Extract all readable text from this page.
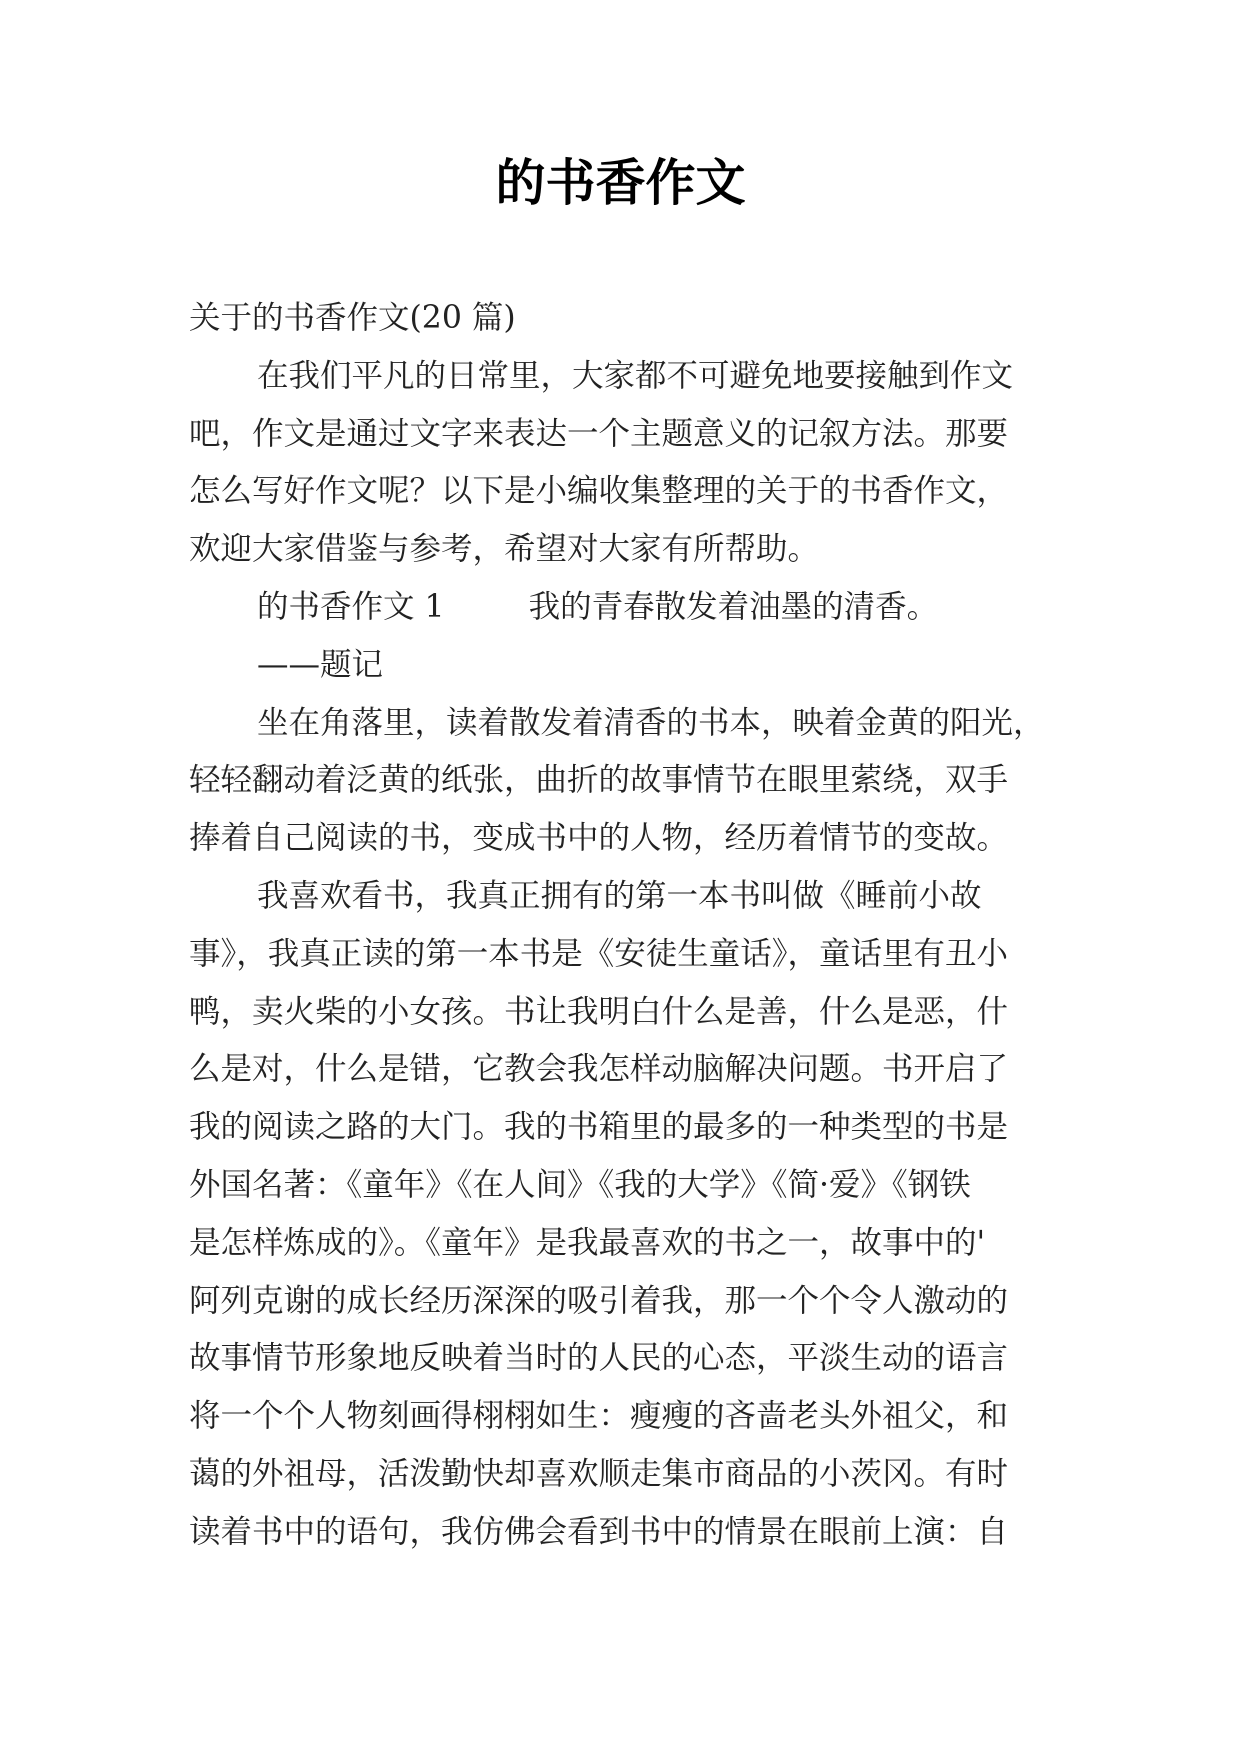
的书香作文
关于的书香作文(20 篇)
在我们平凡的日常里，大家都不可避免地要接触到作文
吧，作文是通过文字来表达一个主题意义的记叙方法。那要
怎么写好作文呢？以下是小编收集整理的关于的书香作文，
欢迎大家借鉴与参考，希望对大家有所帮助。
的书香作文 1	我的青春散发着油墨的清香。
——题记
坐在角落里，读着散发着清香的书本，映着金黄的阳光，
轻轻翻动着泛黄的纸张，曲折的故事情节在眼里萦绕，双手
捧着自己阅读的书，变成书中的人物，经历着情节的变故。
我喜欢看书，我真正拥有的第一本书叫做《睡前小故
事》，我真正读的第一本书是《安徒生童话》，童话里有丑小
鸭，卖火柴的小女孩。书让我明白什么是善，什么是恶，什
么是对，什么是错，它教会我怎样动脑解决问题。书开启了
我的阅读之路的大门。我的书箱里的最多的一种类型的书是
外国名著：《童年》《在人间》《我的大学》《简·爱》《钢铁
是怎样炼成的》。《童年》是我最喜欢的书之一，故事中的'
阿列克谢的成长经历深深的吸引着我，那一个个令人激动的
故事情节形象地反映着当时的人民的心态，平淡生动的语言
将一个个人物刻画得栩栩如生：瘦瘦的吝啬老头外祖父，和
蔼的外祖母，活泼勤快却喜欢顺走集市商品的小茨冈。有时
读着书中的语句，我仿佛会看到书中的情景在眼前上演：自
